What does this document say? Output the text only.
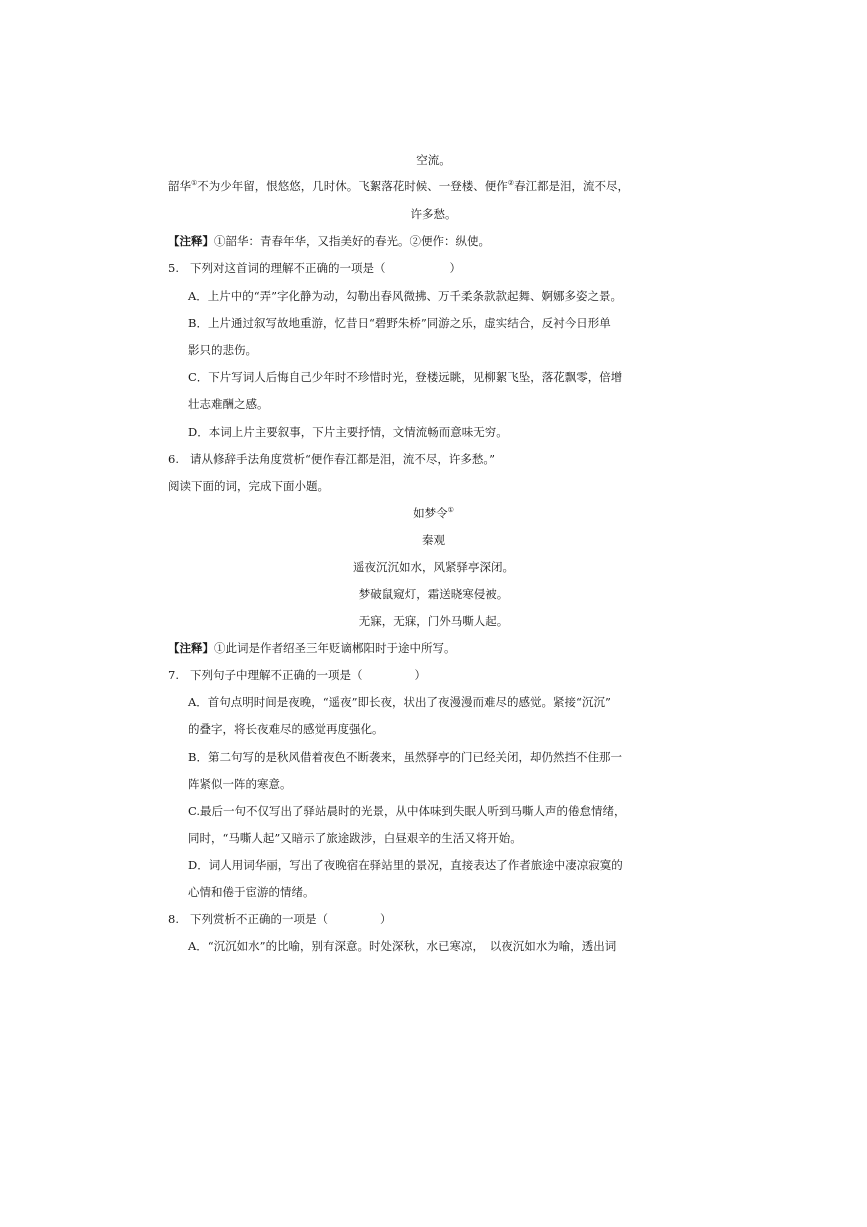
空流。
韶华①不为少年留，恨悠悠，几时休。飞絮落花时候、一登楼、便作②春江都是泪，流不尽，
许多愁。
【注释】①韶华：青春年华，又指美好的春光。②便作：纵使。
5. 下列对这首词的理解不正确的一项是（	）
A．上片中的“弄”字化静为动，勾勒出春风微拂、万千柔条款款起舞、婀娜多姿之景。
B．上片通过叙写故地重游，忆昔日“碧野朱桥”同游之乐，虚实结合，反衬今日形单
影只的悲伤。
C．下片写词人后悔自己少年时不珍惜时光，登楼远眺，见柳絮飞坠，落花飘零，倍增
壮志难酬之感。
D．本词上片主要叙事，下片主要抒情，文情流畅而意味无穷。
6. 请从修辞手法角度赏析“便作春江都是泪，流不尽，许多愁。”
阅读下面的词，完成下面小题。
如梦令①
秦观
遥夜沉沉如水，风紧驿亭深闭。
梦破鼠窥灯，霜送晓寒侵被。
无寐，无寐，门外马嘶人起。
【注释】①此词是作者绍圣三年贬谪郴阳时于途中所写。
7. 下列句子中理解不正确的一项是（	）
A．首句点明时间是夜晚，“遥夜”即长夜，状出了夜漫漫而难尽的感觉。紧接“沉沉”
的叠字，将长夜难尽的感觉再度强化。
B．第二句写的是秋风借着夜色不断袭来，虽然驿亭的门已经关闭，却仍然挡不住那一
阵紧似一阵的寒意。
C.最后一句不仅写出了驿站晨时的光景，从中体味到失眠人听到马嘶人声的倦怠情绪，
同时，“马嘶人起”又暗示了旅途跋涉，白昼艰辛的生活又将开始。
D．词人用词华丽，写出了夜晚宿在驿站里的景况，直接表达了作者旅途中凄凉寂寞的
心情和倦于宦游的情绪。
8. 下列赏析不正确的一项是（	）
A．“沉沉如水”的比喻，别有深意。时处深秋，水已寒凉，　以夜沉如水为喻，透出词
